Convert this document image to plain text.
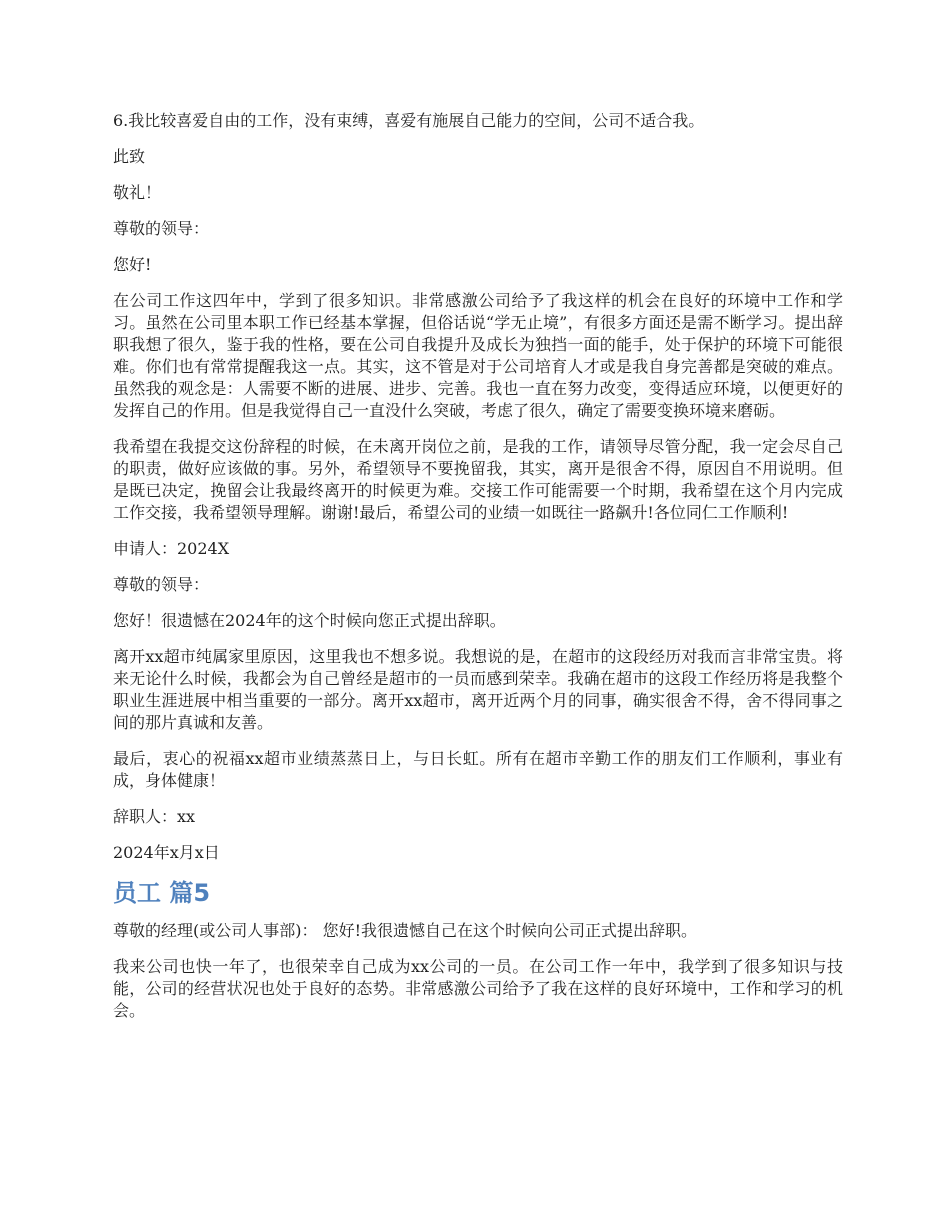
6.我比较喜爱自由的工作，没有束缚，喜爱有施展自己能力的空间，公司不适合我。

此致

敬礼！

尊敬的领导：

您好!

在公司工作这四年中，学到了很多知识。非常感激公司给予了我这样的机会在良好的环境中工作和学习。虽然在公司里本职工作已经基本掌握，但俗话说“学无止境”，有很多方面还是需不断学习。提出辞职我想了很久，鉴于我的性格，要在公司自我提升及成长为独挡一面的能手，处于保护的环境下可能很难。你们也有常常提醒我这一点。其实，这不管是对于公司培育人才或是我自身完善都是突破的难点。虽然我的观念是：人需要不断的进展、进步、完善。我也一直在努力改变，变得适应环境，以便更好的发挥自己的作用。但是我觉得自己一直没什么突破，考虑了很久，确定了需要变换环境来磨砺。

我希望在我提交这份辞程的时候，在未离开岗位之前，是我的工作，请领导尽管分配，我一定会尽自己的职责，做好应该做的事。另外，希望领导不要挽留我，其实，离开是很舍不得，原因自不用说明。但是既已决定，挽留会让我最终离开的时候更为难。交接工作可能需要一个时期，我希望在这个月内完成工作交接，我希望领导理解。谢谢!最后，希望公司的业绩一如既往一路飙升!各位同仁工作顺利!

申请人：2024X

尊敬的领导：

您好！很遗憾在2024年的这个时候向您正式提出辞职。

离开xx超市纯属家里原因，这里我也不想多说。我想说的是，在超市的这段经历对我而言非常宝贵。将来无论什么时候，我都会为自己曾经是超市的一员而感到荣幸。我确在超市的这段工作经历将是我整个职业生涯进展中相当重要的一部分。离开xx超市，离开近两个月的同事，确实很舍不得，舍不得同事之间的那片真诚和友善。

最后，衷心的祝福xx超市业绩蒸蒸日上，与日长虹。所有在超市辛勤工作的朋友们工作顺利，事业有成，身体健康！

辞职人：xx

2024年x月x日

员工 篇5

尊敬的经理(或公司人事部)： 您好!我很遗憾自己在这个时候向公司正式提出辞职。

我来公司也快一年了，也很荣幸自己成为xx公司的一员。在公司工作一年中，我学到了很多知识与技能，公司的经营状况也处于良好的态势。非常感激公司给予了我在这样的良好环境中，工作和学习的机会。
